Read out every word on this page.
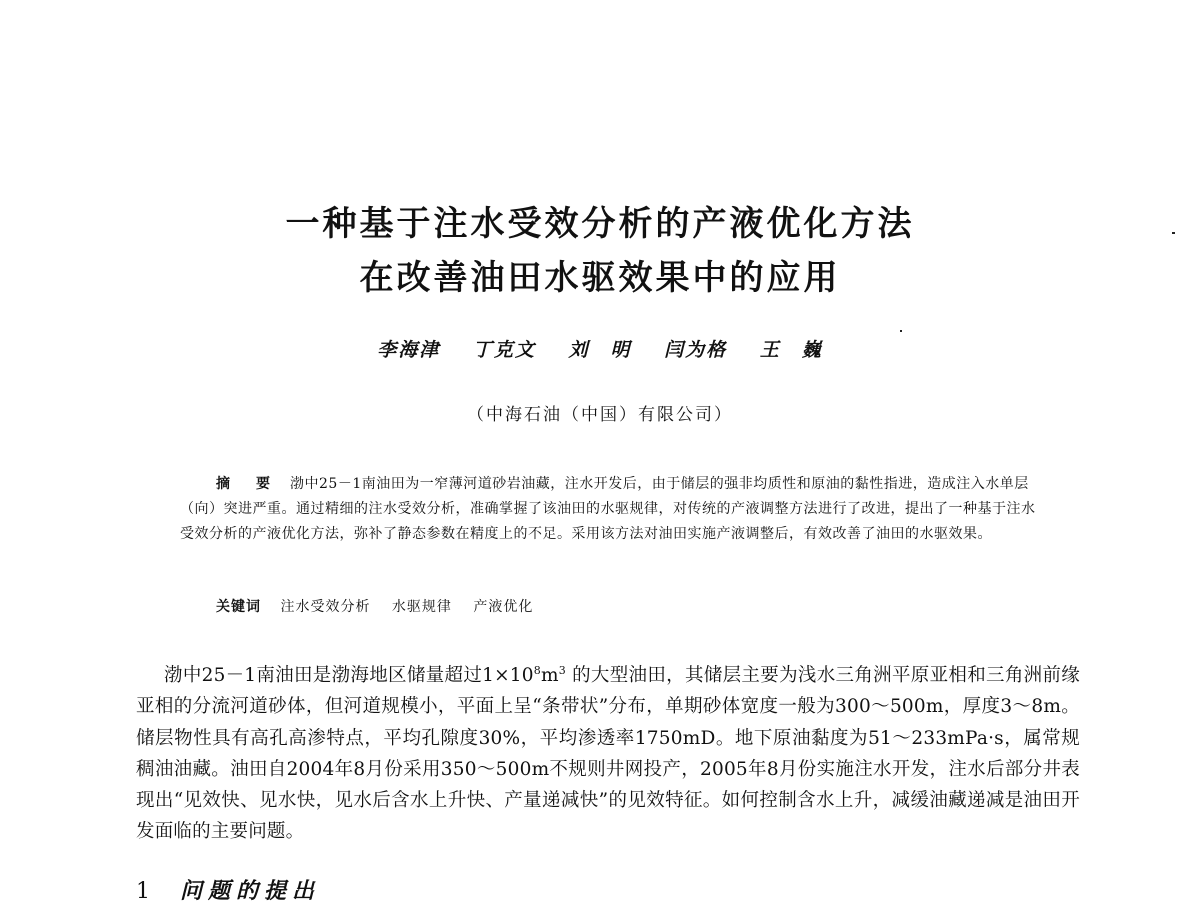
一种基于注水受效分析的产液优化方法
在改善油田水驱效果中的应用
李海津 丁克文 刘　明 闫为格 王　巍
（中海石油（中国）有限公司）
摘　要 渤中25－1南油田为一窄薄河道砂岩油藏，注水开发后，由于储层的强非均质性和原油的黏性指进，造成注入水单层（向）突进严重。通过精细的注水受效分析，准确掌握了该油田的水驱规律，对传统的产液调整方法进行了改进，提出了一种基于注水受效分析的产液优化方法，弥补了静态参数在精度上的不足。采用该方法对油田实施产液调整后，有效改善了油田的水驱效果。
关键词 注水受效分析 水驱规律 产液优化
渤中25－1南油田是渤海地区储量超过$1\times 10^8m^3$ 的大型油田，其储层主要为浅水三角洲平原亚相和三角洲前缘亚相的分流河道砂体，但河道规模小，平面上呈“条带状”分布，单期砂体宽度一般为300～500m，厚度3～8m。储层物性具有高孔高渗特点，平均孔隙度30%，平均渗透率1750mD。地下原油黏度为51～233mPa·s，属常规稠油油藏。油田自2004年8月份采用350～500m不规则井网投产，2005年8月份实施注水开发，注水后部分井表现出“见效快、见水快，见水后含水上升快、产量递减快”的见效特征。如何控制含水上升，减缓油藏递减是油田开发面临的主要问题。
1 问题的提出
